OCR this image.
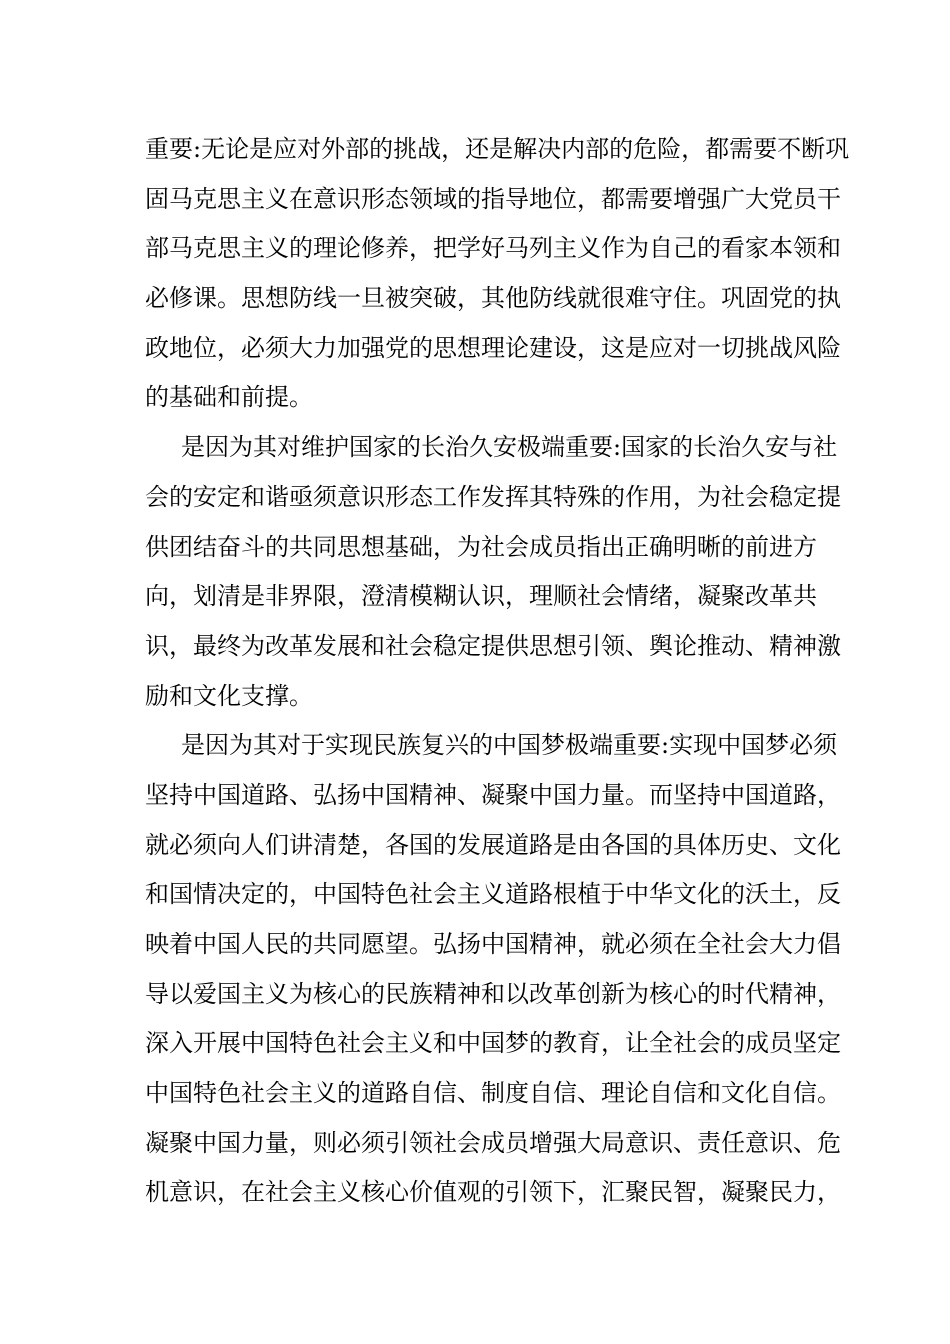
重要:无论是应对外部的挑战，还是解决内部的危险，都需要不断巩
固马克思主义在意识形态领域的指导地位，都需要增强广大党员干
部马克思主义的理论修养，把学好马列主义作为自己的看家本领和
必修课。思想防线一旦被突破，其他防线就很难守住。巩固党的执
政地位，必须大力加强党的思想理论建设，这是应对一切挑战风险
的基础和前提。
是因为其对维护国家的长治久安极端重要:国家的长治久安与社
会的安定和谐亟须意识形态工作发挥其特殊的作用，为社会稳定提
供团结奋斗的共同思想基础，为社会成员指出正确明晰的前进方
向，划清是非界限，澄清模糊认识，理顺社会情绪，凝聚改革共
识，最终为改革发展和社会稳定提供思想引领、舆论推动、精神激
励和文化支撑。
是因为其对于实现民族复兴的中国梦极端重要:实现中国梦必须
坚持中国道路、弘扬中国精神、凝聚中国力量。而坚持中国道路，
就必须向人们讲清楚，各国的发展道路是由各国的具体历史、文化
和国情决定的，中国特色社会主义道路根植于中华文化的沃土，反
映着中国人民的共同愿望。弘扬中国精神，就必须在全社会大力倡
导以爱国主义为核心的民族精神和以改革创新为核心的时代精神，
深入开展中国特色社会主义和中国梦的教育，让全社会的成员坚定
中国特色社会主义的道路自信、制度自信、理论自信和文化自信。
凝聚中国力量，则必须引领社会成员增强大局意识、责任意识、危
机意识，在社会主义核心价值观的引领下，汇聚民智，凝聚民力，
